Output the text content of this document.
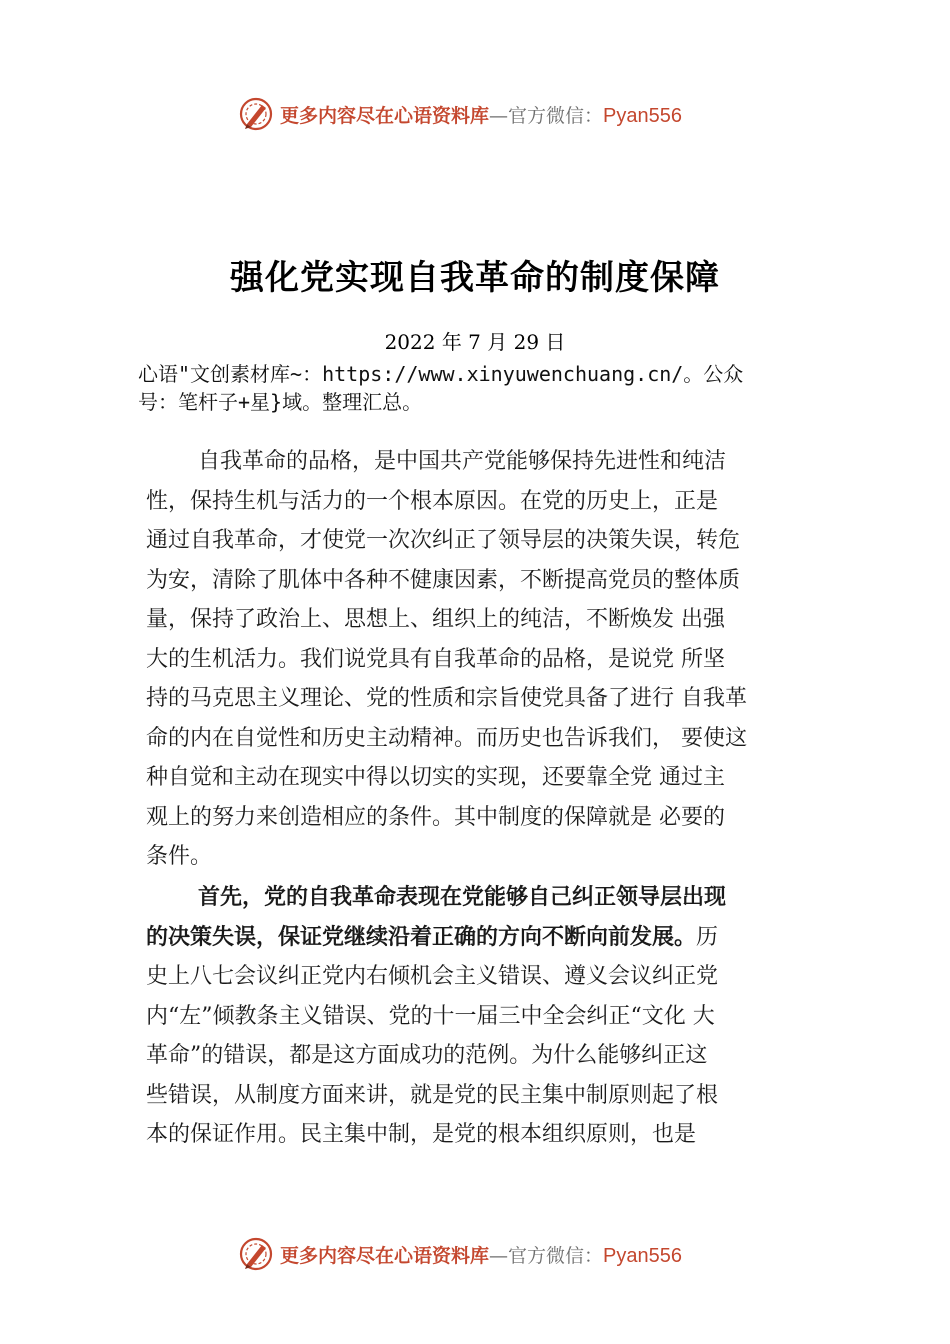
更多内容尽在心语资料库—官方微信：Pyan556
强化党实现自我革命的制度保障
2022 年 7 月 29 日
心语"文创素材库~：https://www.xinyuwenchuang.cn/。公众
号：笔杆子+星}域。整理汇总。
自我革命的品格，是中国共产党能够保持先进性和纯洁
性，保持生机与活力的一个根本原因。在党的历史上，正是
通过自我革命，才使党一次次纠正了领导层的决策失误，转危
为安，清除了肌体中各种不健康因素，不断提高党员的整体质
量，保持了政治上、思想上、组织上的纯洁，不断焕发 出强
大的生机活力。我们说党具有自我革命的品格，是说党 所坚
持的马克思主义理论、党的性质和宗旨使党具备了进行 自我革
命的内在自觉性和历史主动精神。而历史也告诉我们， 要使这
种自觉和主动在现实中得以切实的实现，还要靠全党 通过主
观上的努力来创造相应的条件。其中制度的保障就是 必要的
条件。
首先，党的自我革命表现在党能够自己纠正领导层出现
的决策失误，保证党继续沿着正确的方向不断向前发展。历
史上八七会议纠正党内右倾机会主义错误、遵义会议纠正党
内“左”倾教条主义错误、党的十一届三中全会纠正“文化 大
革命”的错误，都是这方面成功的范例。为什么能够纠正这
些错误，从制度方面来讲，就是党的民主集中制原则起了根
本的保证作用。民主集中制，是党的根本组织原则，也是
更多内容尽在心语资料库—官方微信：Pyan556
